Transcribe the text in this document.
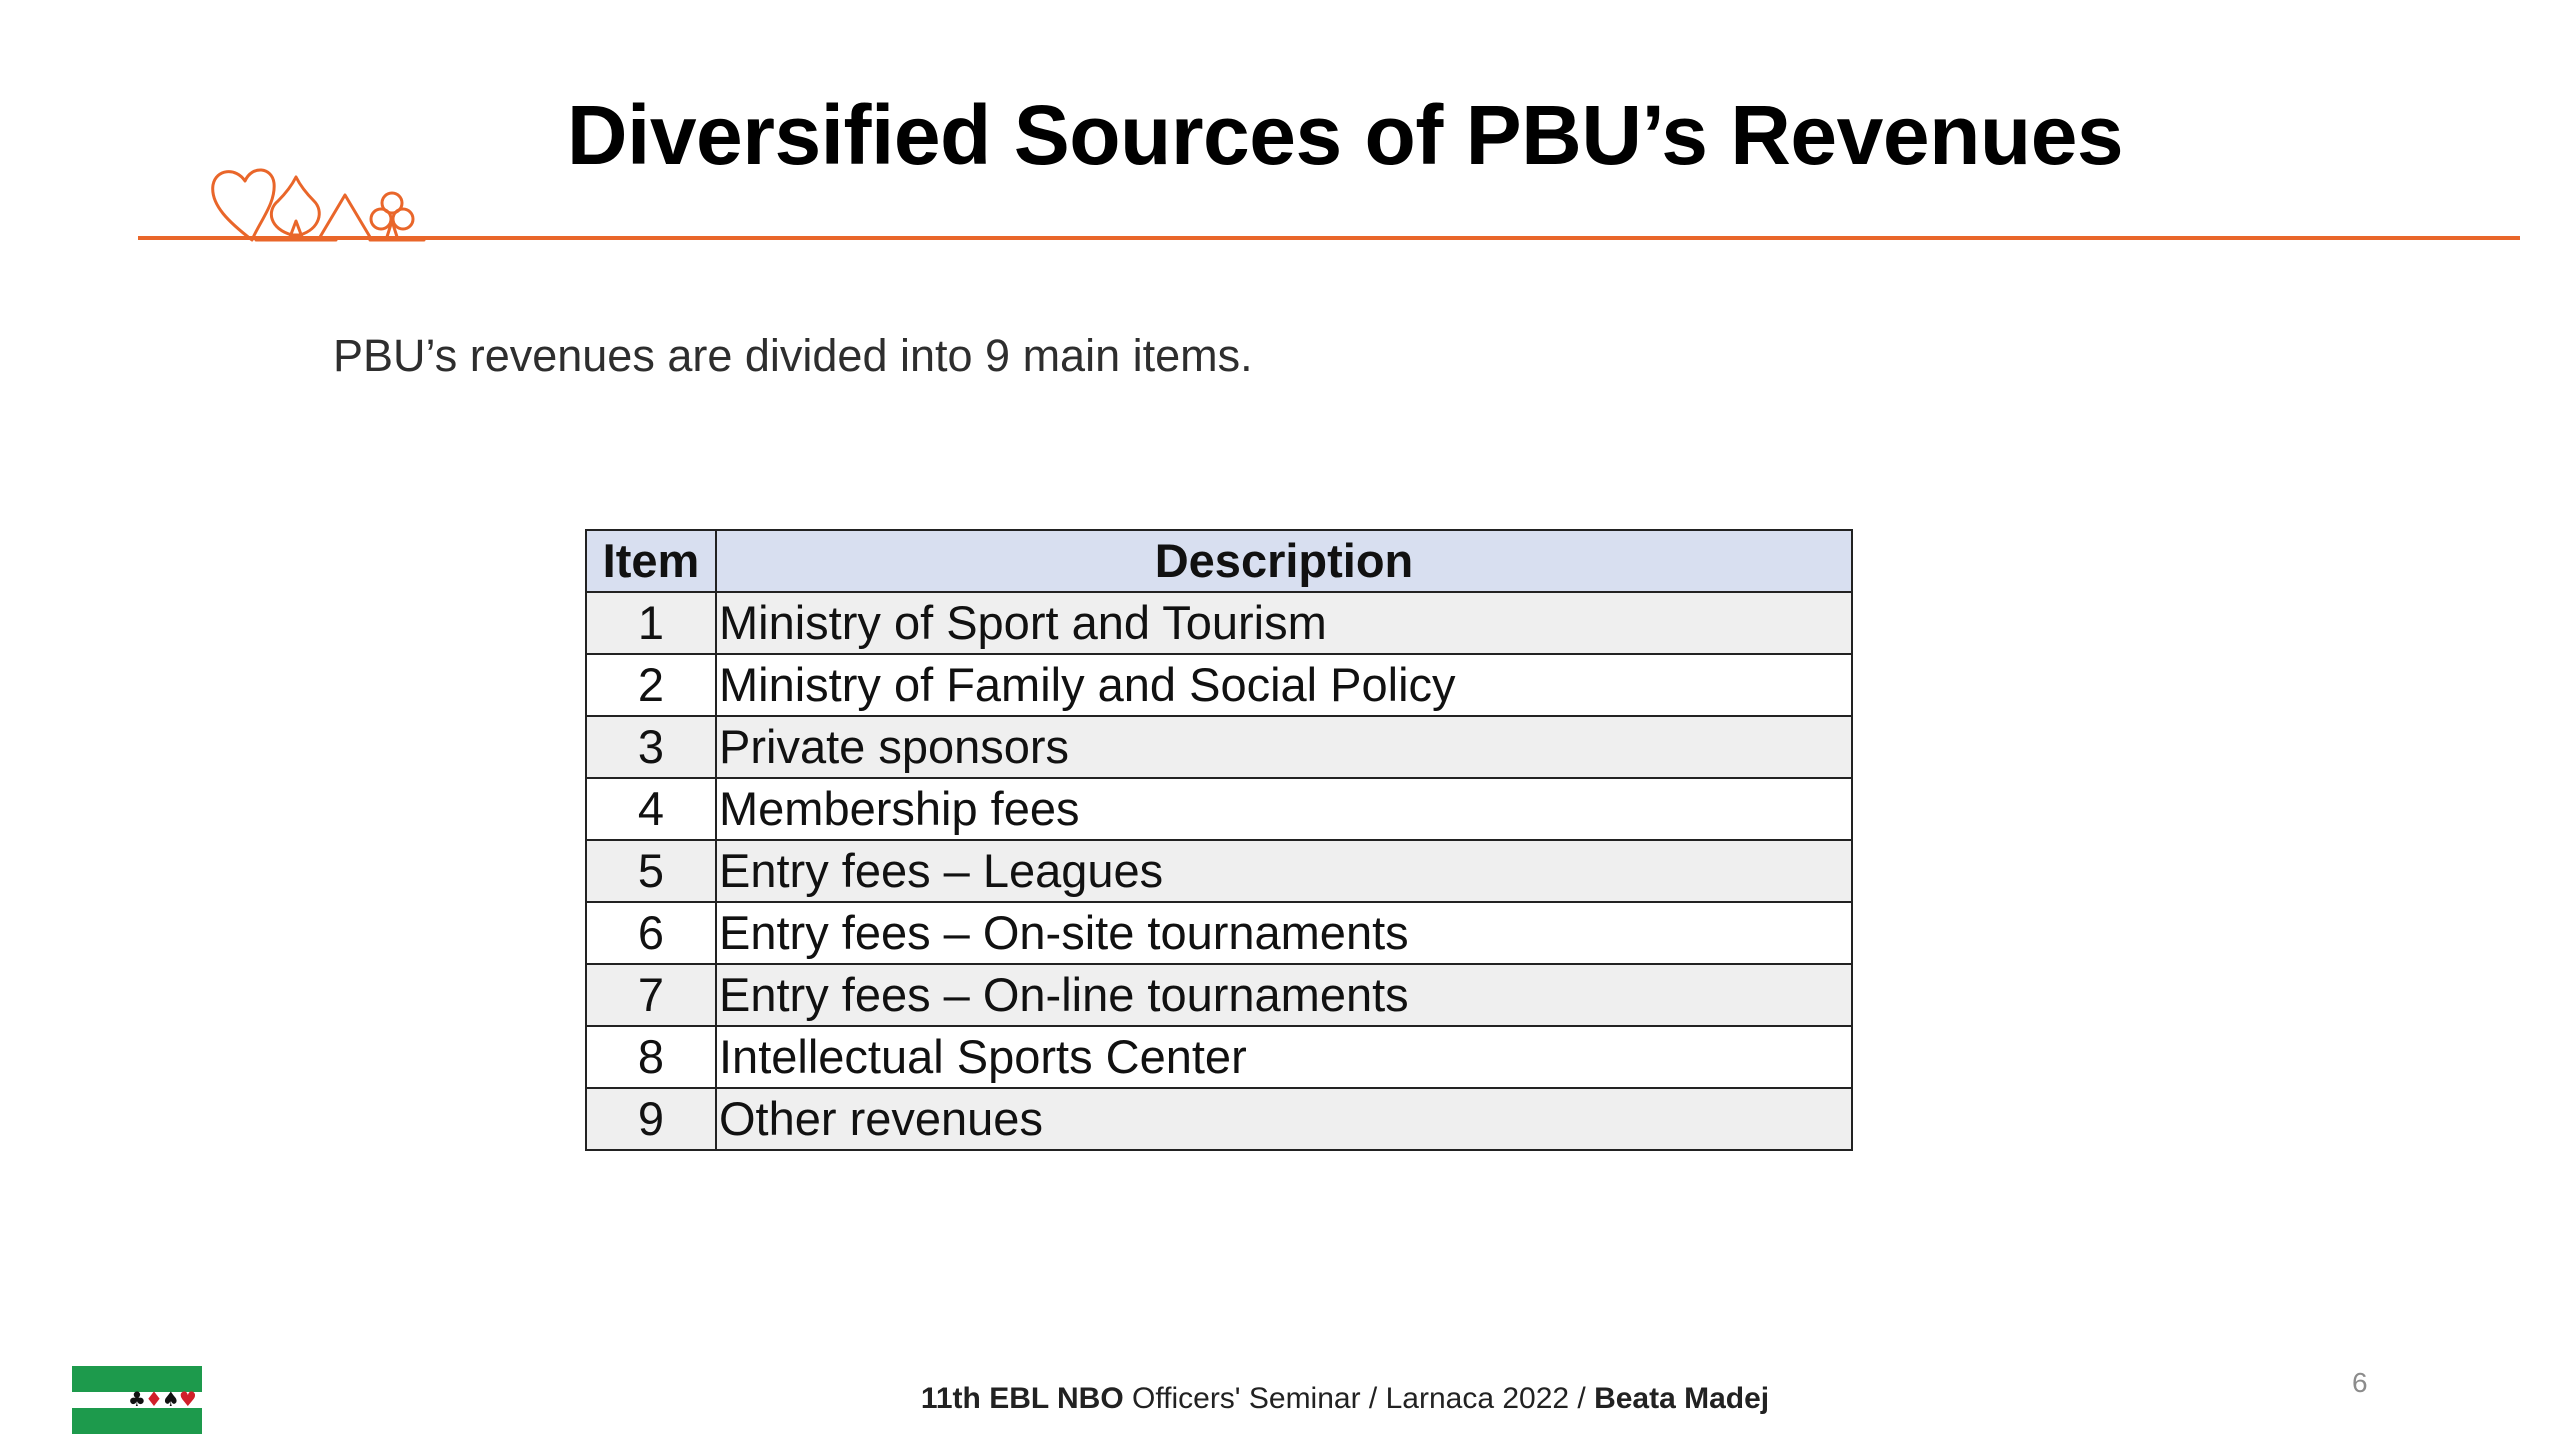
Diversified Sources of PBU’s Revenues
PBU’s revenues are divided into 9 main items.
Item	Description
1	Ministry of Sport and Tourism
2	Ministry of Family and Social Policy
3	Private sponsors
4	Membership fees
5	Entry fees – Leagues
6	Entry fees – On-site tournaments
7	Entry fees – On-line tournaments
8	Intellectual Sports Center
9	Other revenues
♣♦♠♥	11th EBL NBO Officers' Seminar / Larnaca 2022 / Beata Madej	6
